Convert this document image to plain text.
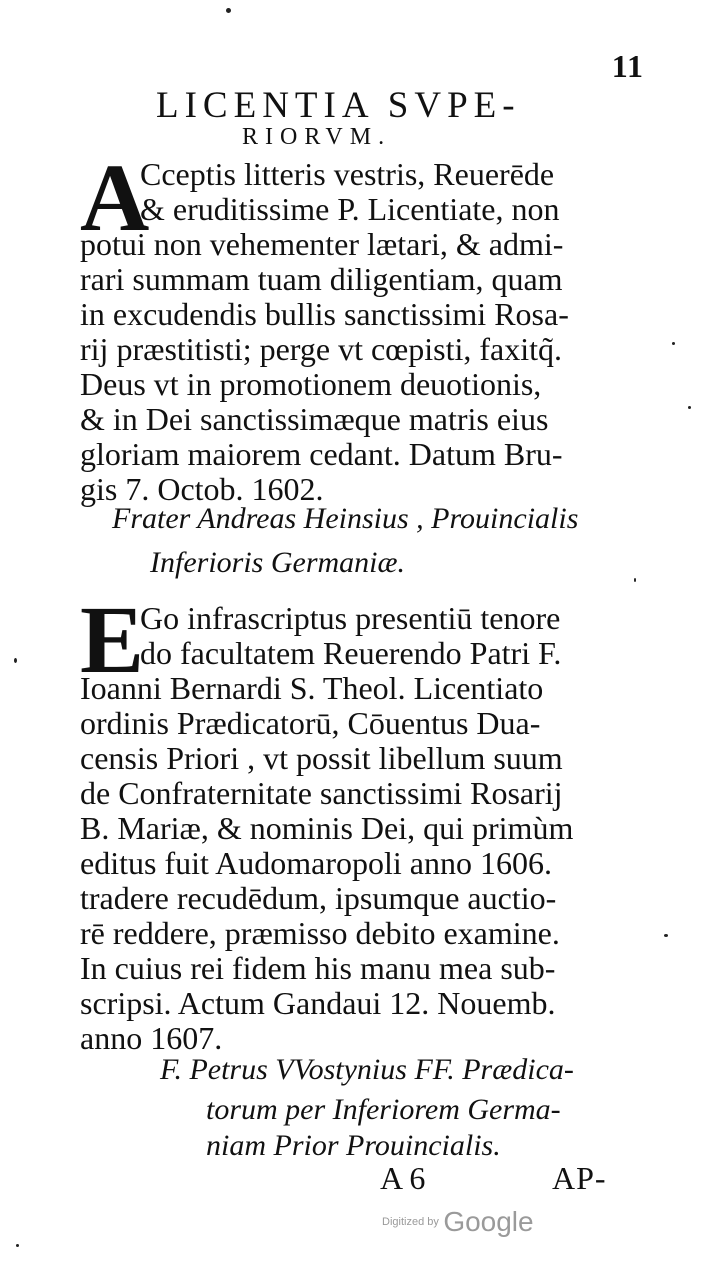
11
LICENTIA SVPE-
RIORVM.
A
Cceptis litteris vestris, Reuerēde
& eruditissime P. Licentiate, non
potui non vehementer lætari, & admi-
rari summam tuam diligentiam, quam
in excudendis bullis sanctissimi Rosa-
rij præstitisti; perge vt cœpisti, faxitq̃.
Deus vt in promotionem deuotionis,
& in Dei sanctissimæque matris eius
gloriam maiorem cedant. Datum Bru-
gis 7. Octob. 1602.
Frater Andreas Heinsius , Prouincialis
Inferioris Germaniæ.
E
Go infrascriptus presentiū tenore
do facultatem Reuerendo Patri F.
Ioanni Bernardi S. Theol. Licentiato
ordinis Prædicatorū, Cōuentus Dua-
censis Priori , vt possit libellum suum
de Confraternitate sanctissimi Rosarij
B. Mariæ, & nominis Dei, qui primùm
editus fuit Audomaropoli anno 1606.
tradere recudēdum, ipsumque auctio-
rē reddere, præmisso debito examine.
In cuius rei fidem his manu mea sub-
scripsi. Actum Gandaui 12. Nouemb.
anno 1607.
F. Petrus VVostynius FF. Prædica-
torum per Inferiorem Germa-
niam Prior Prouincialis.
A 6	AP-
Digitized by Google
